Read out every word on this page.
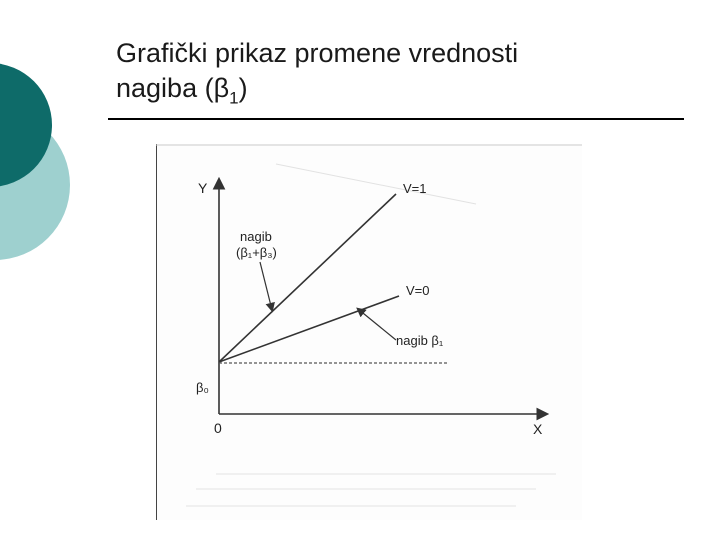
Grafički prikaz promene vrednosti
nagiba $(\beta_1)$
Y
X
0
β₀
V=1
V=0
nagib
(β₁+β₃)
nagib β₁
